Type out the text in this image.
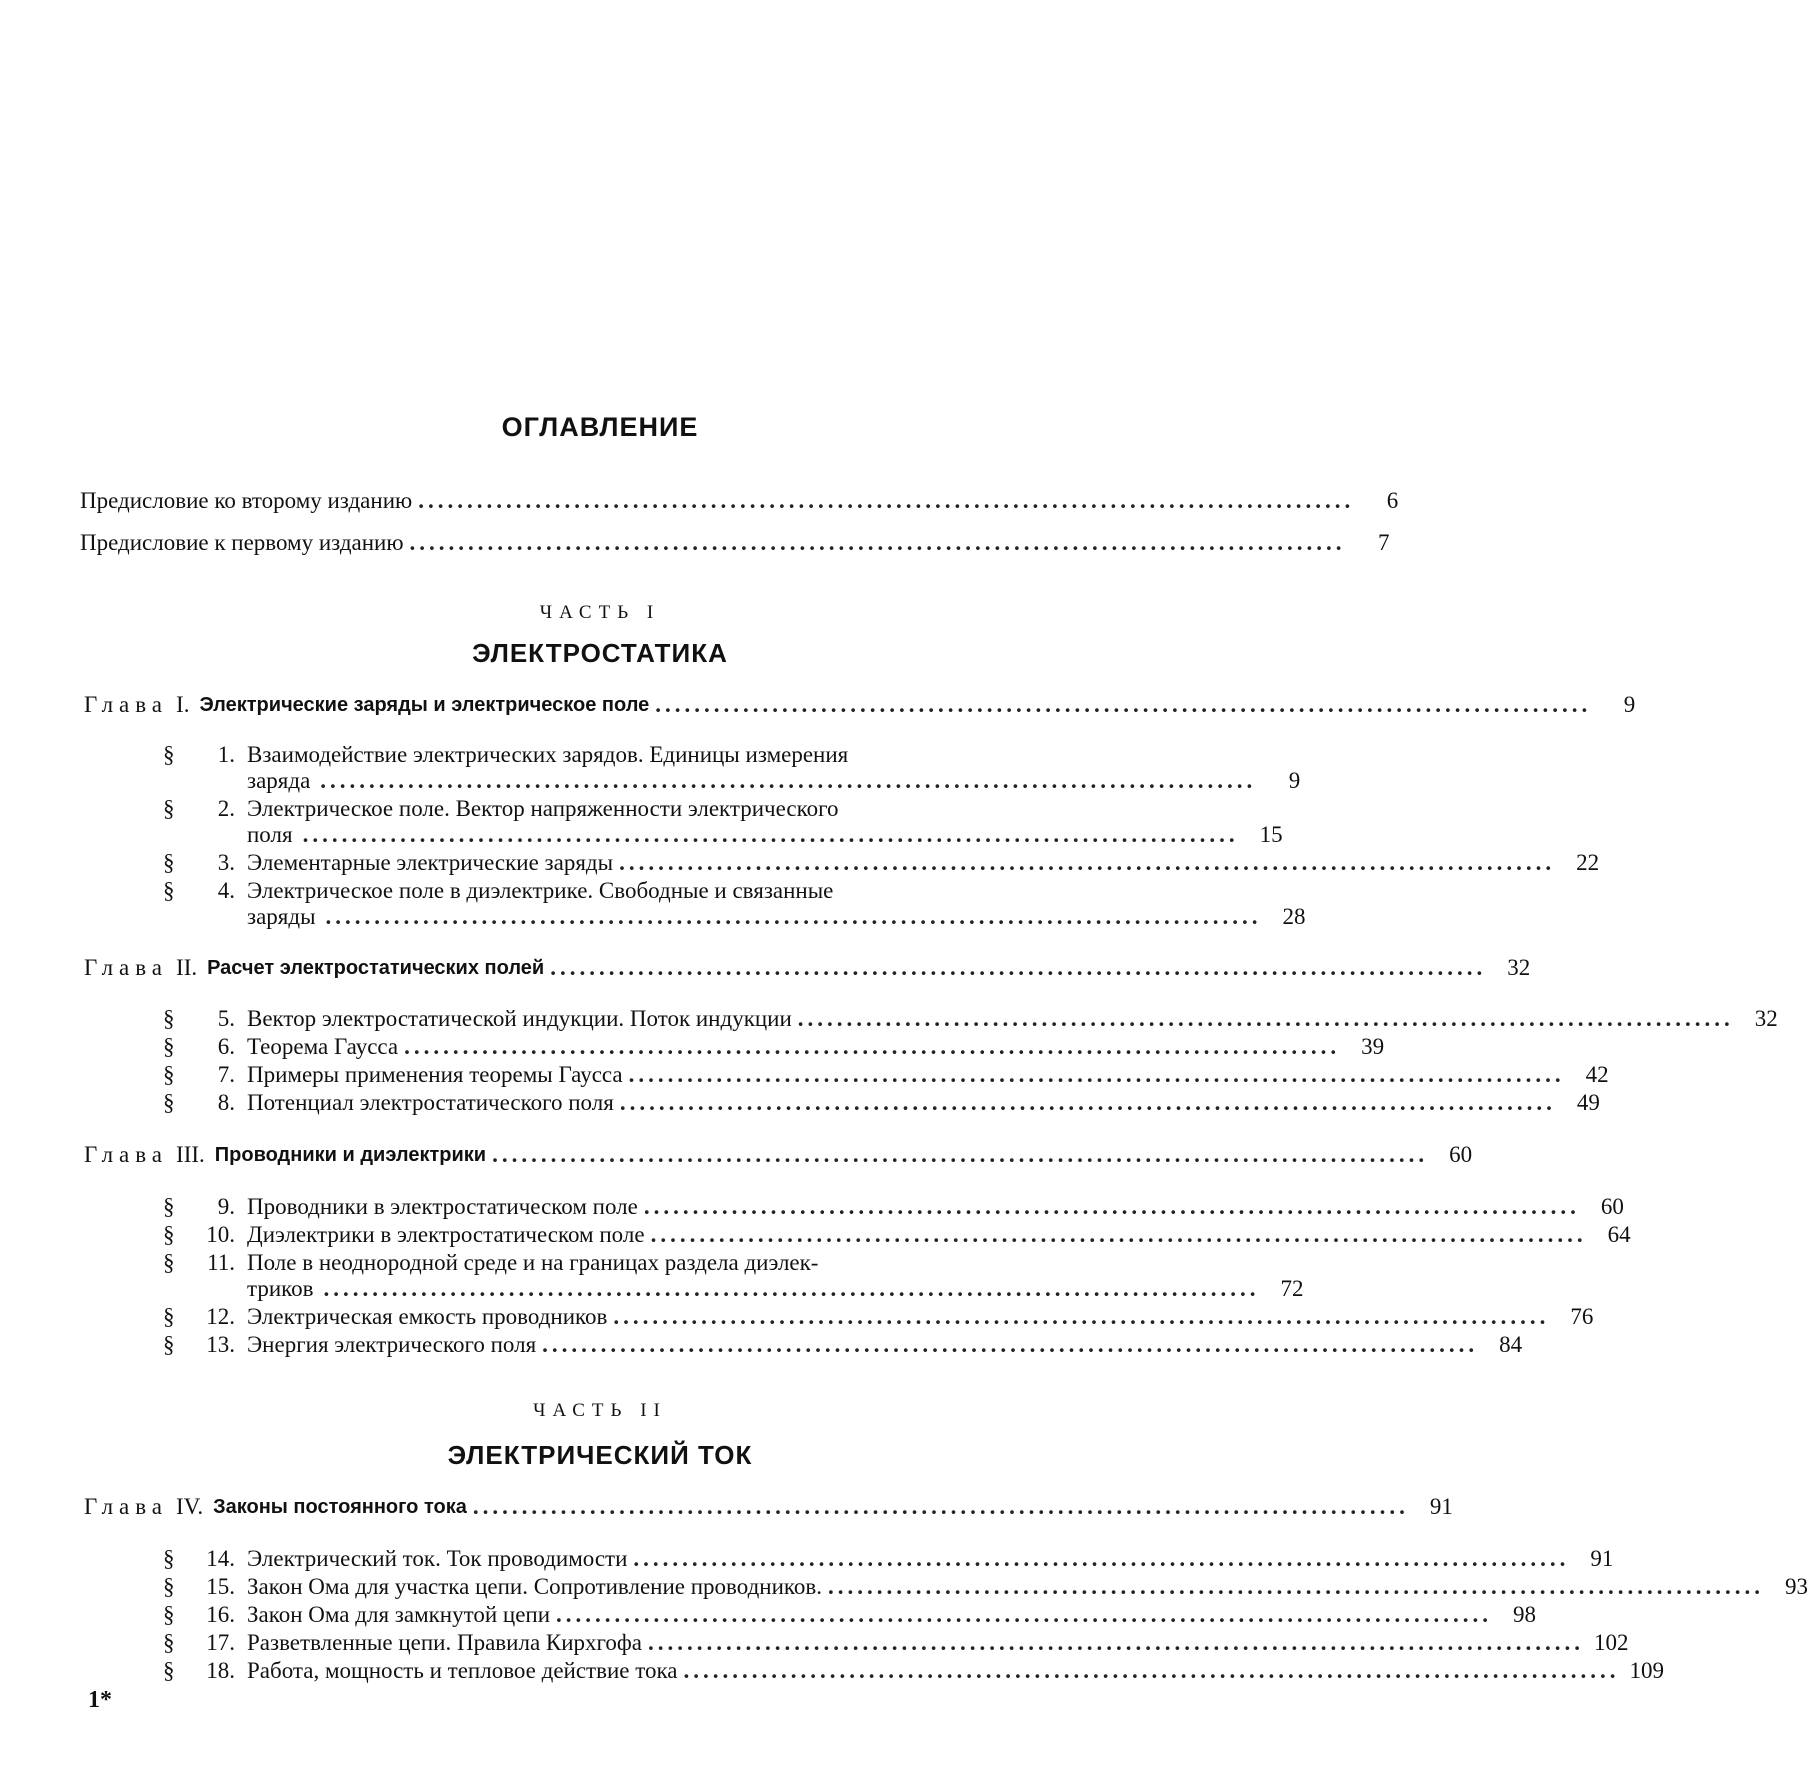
ОГЛАВЛЕНИЕ
Предисловие ко второму изданию ................................................................................................	6
Предисловие к первому изданию ................................................................................................	7
ЧАСТЬ I
ЭЛЕКТРОСТАТИКА
Глава I. Электрические заряды и электрическое поле ................................................................................................	9
§	1. Взаимодействие электрических зарядов. Единицы измерения
заряда ................................................................................................	9
§	2. Электрическое поле. Вектор напряженности электрического
поля ................................................................................................ 15
§	3. Элементарные электрические заряды ................................................................................................ 22
§	4. Электрическое поле в диэлектрике. Свободные и связанные
заряды ................................................................................................ 28
Глава II. Расчет электростатических полей ................................................................................................ 32
§	5. Вектор электростатической индукции. Поток индукции ................................................................................................ 32
§	6. Теорема Гаусса ................................................................................................ 39
§	7. Примеры применения теоремы Гаусса ................................................................................................ 42
§	8. Потенциал электростатического поля ................................................................................................ 49
Глава III. Проводники и диэлектрики ................................................................................................ 60
§	9. Проводники в электростатическом поле ................................................................................................ 60
§	10. Диэлектрики в электростатическом поле ................................................................................................ 64
§	11. Поле в неоднородной среде и на границах раздела диэлек-
триков ................................................................................................ 72
§	12. Электрическая емкость проводников ................................................................................................ 76
§	13. Энергия электрического поля ................................................................................................ 84
ЧАСТЬ II
ЭЛЕКТРИЧЕСКИЙ ТОК
Глава IV. Законы постоянного тока ................................................................................................ 91
§	14. Электрический ток. Ток проводимости ................................................................................................ 91
§	15. Закон Ома для участка цепи. Сопротивление проводников. ................................................................................................ 93
§	16. Закон Ома для замкнутой цепи ................................................................................................ 98
§	17. Разветвленные цепи. Правила Кирхгофа ................................................................................................ 102
§	18. Работа, мощность и тепловое действие тока ................................................................................................ 109
1*
